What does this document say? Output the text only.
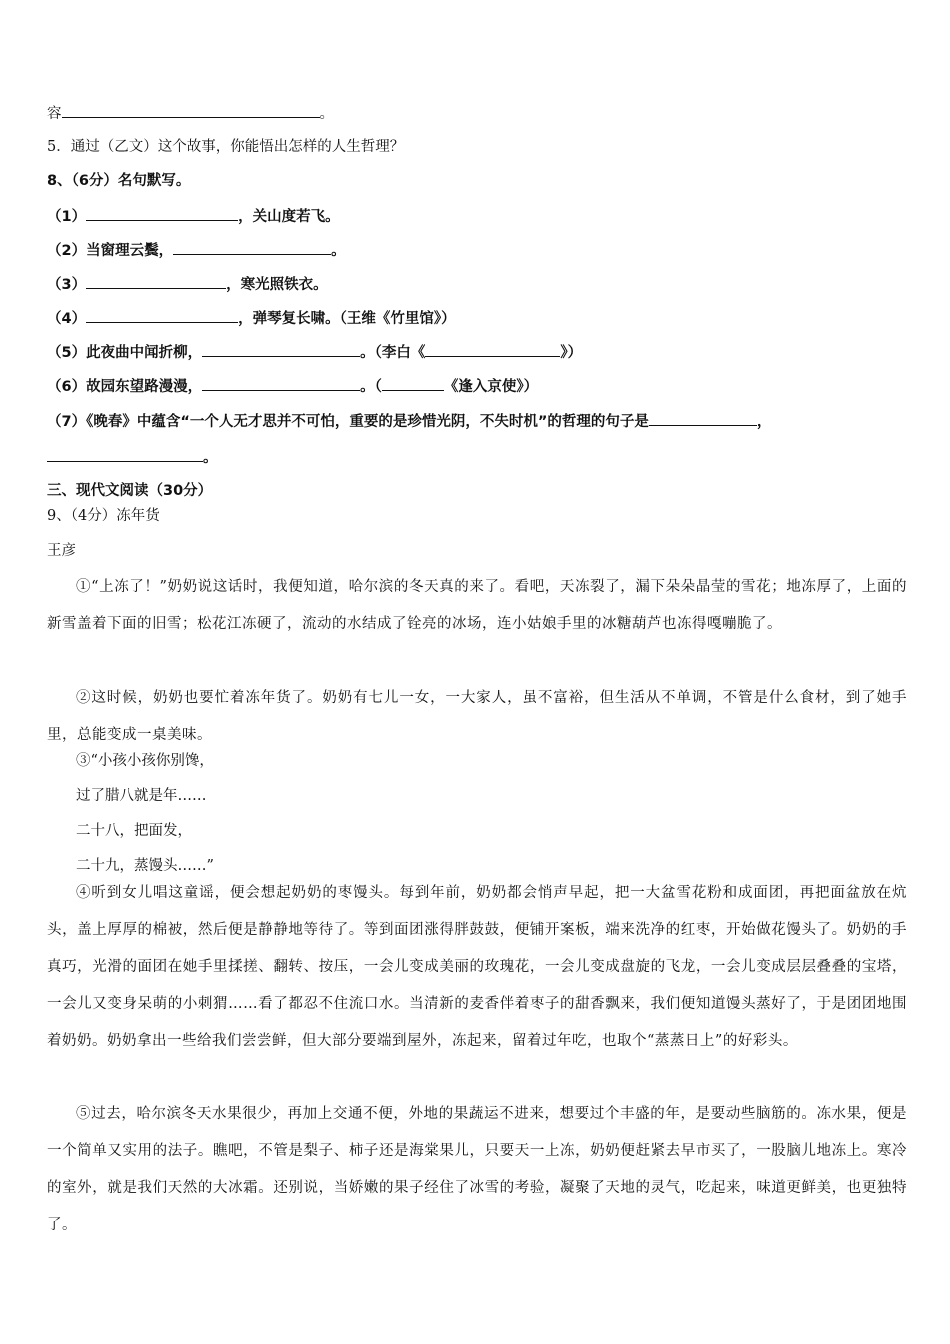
容	。
5．通过（乙文）这个故事，你能悟出怎样的人生哲理？
8、（6分）名句默写。
（1）	，关山度若飞。
（2）当窗理云鬓，	。
（3）	，寒光照铁衣。
（4）	，弹琴复长啸。（王维《竹里馆》）
（5）此夜曲中闻折柳，	。（李白《	》）
（6）故园东望路漫漫，	。（	《逢入京使》）
（7）《晚春》中蕴含“一个人无才思并不可怕，重要的是珍惜光阴，不失时机”的哲理的句子是	，
。
三、现代文阅读（30分）
9、（4分）冻年货
王彦
①“上冻了！”奶奶说这话时，我便知道，哈尔滨的冬天真的来了。看吧，天冻裂了，漏下朵朵晶莹的雪花；地冻厚了，上面的新雪盖着下面的旧雪；松花江冻硬了，流动的水结成了铨亮的冰场，连小姑娘手里的冰糖葫芦也冻得嘎嘣脆了。
②这时候，奶奶也要忙着冻年货了。奶奶有七儿一女，一大家人，虽不富裕，但生活从不单调，不管是什么食材，到了她手里，总能变成一桌美味。
③“小孩小孩你别馋，
过了腊八就是年……
二十八，把面发，
二十九，蒸馒头……”
④听到女儿唱这童谣，便会想起奶奶的枣馒头。每到年前，奶奶都会悄声早起，把一大盆雪花粉和成面团，再把面盆放在炕头，盖上厚厚的棉被，然后便是静静地等待了。等到面团涨得胖鼓鼓，便铺开案板，端来洗净的红枣，开始做花馒头了。奶奶的手真巧，光滑的面团在她手里揉搓、翻转、按压，一会儿变成美丽的玫瑰花，一会儿变成盘旋的飞龙，一会儿变成层层叠叠的宝塔，一会儿又变身呆萌的小刺猬……看了都忍不住流口水。当清新的麦香伴着枣子的甜香飘来，我们便知道馒头蒸好了，于是团团地围着奶奶。奶奶拿出一些给我们尝尝鲜，但大部分要端到屋外，冻起来，留着过年吃，也取个“蒸蒸日上”的好彩头。
⑤过去，哈尔滨冬天水果很少，再加上交通不便，外地的果蔬运不进来，想要过个丰盛的年，是要动些脑筋的。冻水果，便是一个简单又实用的法子。瞧吧，不管是梨子、柿子还是海棠果儿，只要天一上冻，奶奶便赶紧去早市买了，一股脑儿地冻上。寒冷的室外，就是我们天然的大冰霜。还别说，当娇嫩的果子经住了冰雪的考验，凝聚了天地的灵气，吃起来，味道更鲜美，也更独特了。
